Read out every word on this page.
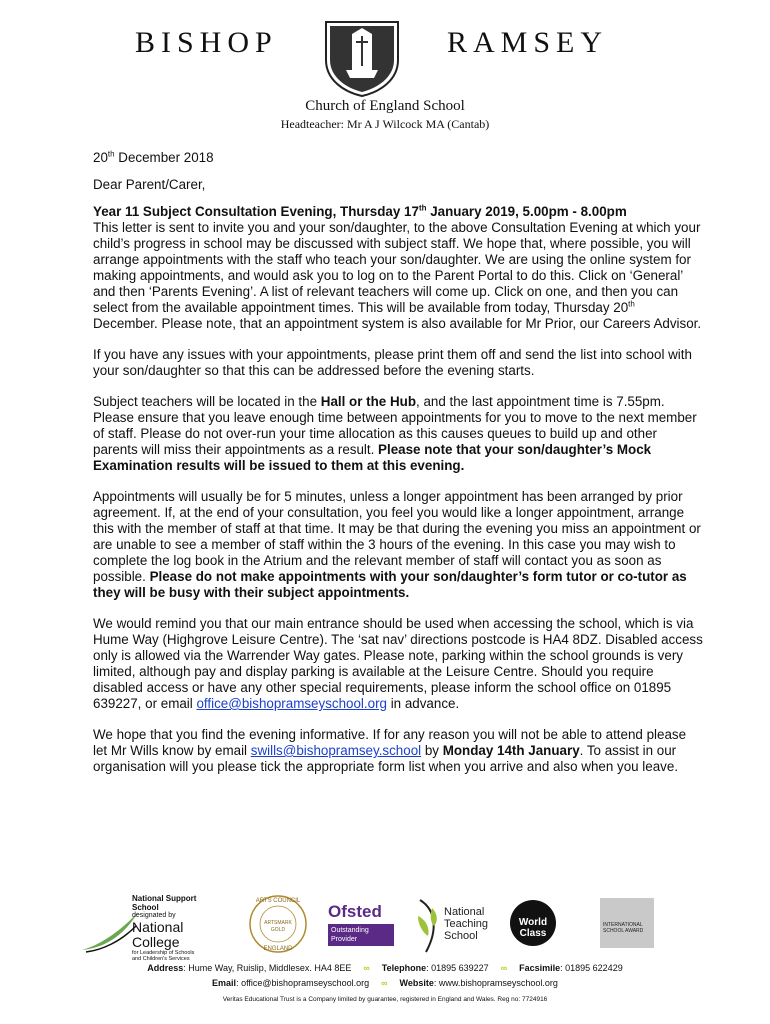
BISHOP	RAMSEY
Church of England School
Headteacher: Mr A J Wilcock MA (Cantab)

20th December 2018

Dear Parent/Carer,

Year 11 Subject Consultation Evening, Thursday 17th January 2019, 5.00pm - 8.00pm
This letter is sent to invite you and your son/daughter, to the above Consultation Evening at which your child’s progress in school may be discussed with subject staff. We hope that, where possible, you will arrange appointments with the staff who teach your son/daughter. We are using the online system for making appointments, and would ask you to log on to the Parent Portal to do this. Click on ‘General’ and then ‘Parents Evening’. A list of relevant teachers will come up. Click on one, and then you can select from the available appointment times. This will be available from today, Thursday 20th December. Please note, that an appointment system is also available for Mr Prior, our Careers Advisor.

If you have any issues with your appointments, please print them off and send the list into school with your son/daughter so that this can be addressed before the evening starts.

Subject teachers will be located in the Hall or the Hub, and the last appointment time is 7.55pm. Please ensure that you leave enough time between appointments for you to move to the next member of staff. Please do not over-run your time allocation as this causes queues to build up and other parents will miss their appointments as a result. Please note that your son/daughter’s Mock Examination results will be issued to them at this evening.

Appointments will usually be for 5 minutes, unless a longer appointment has been arranged by prior agreement. If, at the end of your consultation, you feel you would like a longer appointment, arrange this with the member of staff at that time. It may be that during the evening you miss an appointment or are unable to see a member of staff within the 3 hours of the evening. In this case you may wish to complete the log book in the Atrium and the relevant member of staff will contact you as soon as possible. Please do not make appointments with your son/daughter’s form tutor or co-tutor as they will be busy with their subject appointments.

We would remind you that our main entrance should be used when accessing the school, which is via Hume Way (Highgrove Leisure Centre). The ‘sat nav’ directions postcode is HA4 8DZ. Disabled access only is allowed via the Warrender Way gates. Please note, parking within the school grounds is very limited, although pay and display parking is available at the Leisure Centre. Should you require disabled access or have any other special requirements, please inform the school office on 01895 639227, or email office@bishopramseyschool.org in advance.

We hope that you find the evening informative. If for any reason you will not be able to attend please let Mr Wills know by email swills@bishopramsey.school by Monday 14th January. To assist in our organisation will you please tick the appropriate form list when you arrive and also when you leave.

National Support School
designated by
National College
for Leadership of Schools and Children's Services
ARTS COUNCIL
ARTSMARK
GOLD
ENGLAND
Ofsted
Outstanding
Provider
National
Teaching
School
World
Class
INTERNATIONAL SCHOOL AWARD
Address: Hume Way, Ruislip, Middlesex. HA4 8EE ∞ Telephone: 01895 639227 ∞ Facsimile: 01895 622429
Email: office@bishopramseyschool.org ∞ Website: www.bishopramseyschool.org
Veritas Educational Trust is a Company limited by guarantee, registered in England and Wales. Reg no: 7724916
